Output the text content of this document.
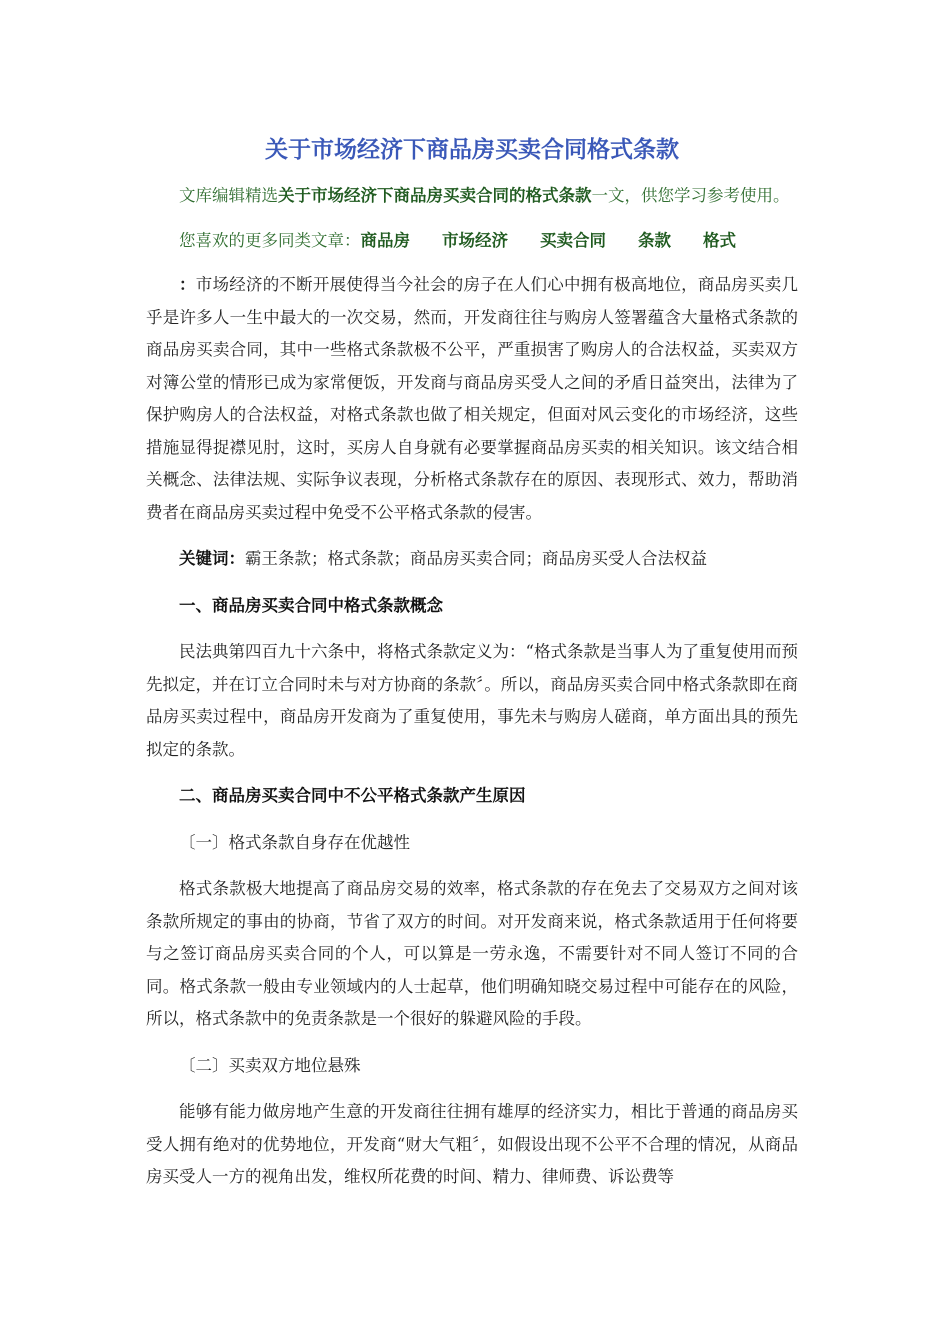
关于市场经济下商品房买卖合同格式条款

文库编辑精选关于市场经济下商品房买卖合同的格式条款一文，供您学习参考使用。

您喜欢的更多同类文章：商品房 市场经济 买卖合同 条款 格式

：市场经济的不断开展使得当今社会的房子在人们心中拥有极高地位，商品房买卖几乎是许多人一生中最大的一次交易，然而，开发商往往与购房人签署蕴含大量格式条款的商品房买卖合同，其中一些格式条款极不公平，严重损害了购房人的合法权益，买卖双方对簿公堂的情形已成为家常便饭，开发商与商品房买受人之间的矛盾日益突出，法律为了保护购房人的合法权益，对格式条款也做了相关规定，但面对风云变化的市场经济，这些措施显得捉襟见肘，这时，买房人自身就有必要掌握商品房买卖的相关知识。该文结合相关概念、法律法规、实际争议表现，分析格式条款存在的原因、表现形式、效力，帮助消费者在商品房买卖过程中免受不公平格式条款的侵害。

关键词：霸王条款；格式条款；商品房买卖合同；商品房买受人合法权益

一、商品房买卖合同中格式条款概念

民法典第四百九十六条中，将格式条款定义为：“格式条款是当事人为了重复使用而预先拟定，并在订立合同时未与对方协商的条款〞。所以，商品房买卖合同中格式条款即在商品房买卖过程中，商品房开发商为了重复使用，事先未与购房人磋商，单方面出具的预先拟定的条款。

二、商品房买卖合同中不公平格式条款产生原因

〔一〕格式条款自身存在优越性

格式条款极大地提高了商品房交易的效率，格式条款的存在免去了交易双方之间对该条款所规定的事由的协商，节省了双方的时间。对开发商来说，格式条款适用于任何将要与之签订商品房买卖合同的个人，可以算是一劳永逸，不需要针对不同人签订不同的合同。格式条款一般由专业领域内的人士起草，他们明确知晓交易过程中可能存在的风险，所以，格式条款中的免责条款是一个很好的躲避风险的手段。

〔二〕买卖双方地位悬殊

能够有能力做房地产生意的开发商往往拥有雄厚的经济实力，相比于普通的商品房买受人拥有绝对的优势地位，开发商“财大气粗〞，如假设出现不公平不合理的情况，从商品房买受人一方的视角出发，维权所花费的时间、精力、律师费、诉讼费等
